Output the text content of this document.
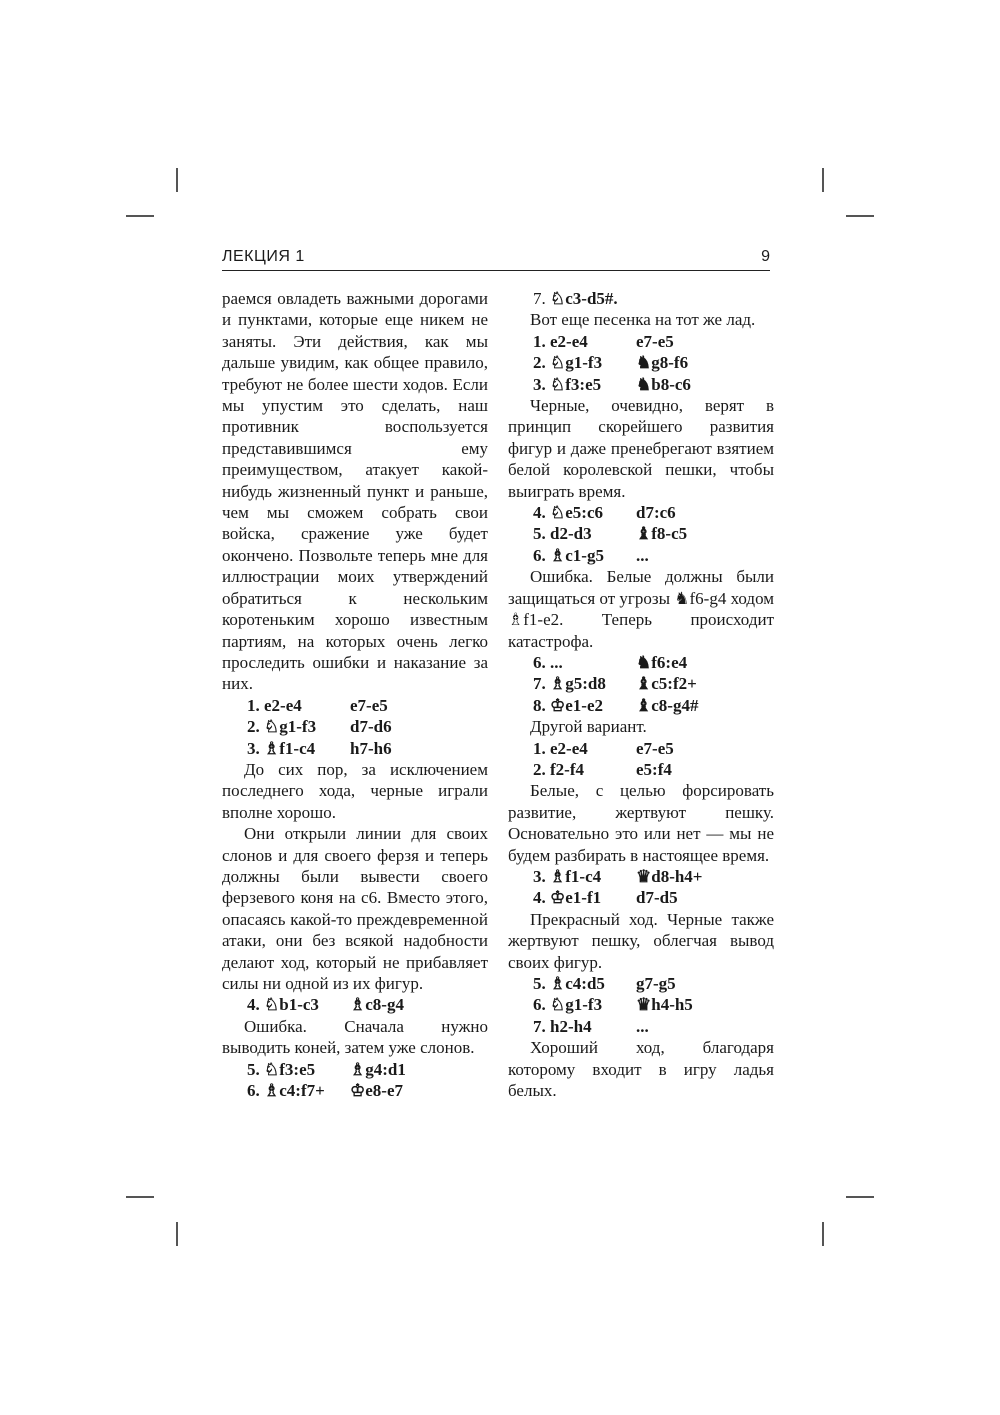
ЛЕКЦИЯ 1	9

раемся овладеть важными дорогами и пунктами, которые еще никем не заняты. Эти действия, как мы дальше увидим, как общее правило, требуют не более шести ходов. Если мы упустим это сделать, наш противник воспользуется представившимся ему преимуществом, атакует какой-нибудь жизненный пункт и раньше, чем мы сможем собрать свои войска, сражение уже будет окончено. Позвольте теперь мне для иллюстрации моих утверждений обратиться к нескольким коротеньким хорошо известным партиям, на которых очень легко проследить ошибки и наказание за них.

1. e2-e4	e7-e5
2. ♘g1-f3	d7-d6
3. ♗f1-c4	h7-h6

До сих пор, за исключением последнего хода, черные играли вполне хорошо.

Они открыли линии для своих слонов и для своего ферзя и теперь должны были вывести своего ферзевого коня на c6. Вместо этого, опасаясь какой-то преждевременной атаки, они без всякой надобности делают ход, который не прибавляет силы ни одной из их фигур.

4. ♘b1-c3	♗c8-g4

Ошибка. Сначала нужно выводить коней, затем уже слонов.

5. ♘f3:e5	♗g4:d1
6. ♗c4:f7+	♔e8-e7
7. ♘c3-d5#.

Вот еще песенка на тот же лад.

1. e2-e4	e7-e5
2. ♘g1-f3	♞g8-f6
3. ♘f3:e5	♞b8-c6

Черные, очевидно, верят в принцип скорейшего развития фигур и даже пренебрегают взятием белой королевской пешки, чтобы выиграть время.

4. ♘e5:c6	d7:c6
5. d2-d3	♝f8-c5
6. ♗c1-g5	...

Ошибка. Белые должны были защищаться от угрозы ♞f6-g4 ходом ♗f1-e2. Теперь происходит катастрофа.

6. ...	♞f6:e4
7. ♗g5:d8	♝c5:f2+
8. ♔e1-e2	♝c8-g4#

Другой вариант.

1. e2-e4	e7-e5
2. f2-f4	e5:f4

Белые, с целью форсировать развитие, жертвуют пешку. Основательно это или нет — мы не будем разбирать в настоящее время.

3. ♗f1-c4	♛d8-h4+
4. ♔e1-f1	d7-d5

Прекрасный ход. Черные также жертвуют пешку, облегчая вывод своих фигур.

5. ♗c4:d5	g7-g5
6. ♘g1-f3	♛h4-h5
7. h2-h4	...

Хороший ход, благодаря которому входит в игру ладья белых.
